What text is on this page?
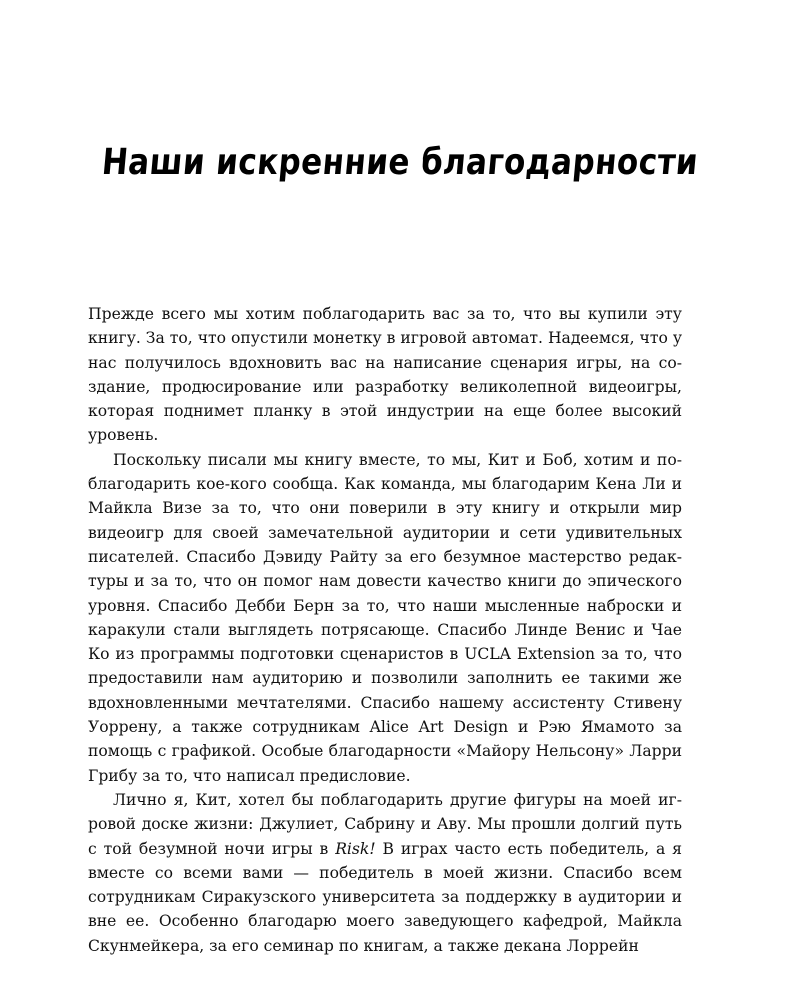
Наши искренние благодарности

Прежде всего мы хотим поблагодарить вас за то, что вы купили эту книгу. За то, что опустили монетку в игровой автомат. Надеемся, что у нас получилось вдохновить вас на написание сценария игры, на создание, продюсирование или разработку великолепной видеоигры, которая поднимет планку в этой индустрии на еще более высокий уровень.

Поскольку писали мы книгу вместе, то мы, Кит и Боб, хотим и поблагодарить кое-кого сообща. Как команда, мы благодарим Кена Ли и Майкла Визе за то, что они поверили в эту книгу и открыли мир видеоигр для своей замечательной аудитории и сети удивительных писателей. Спасибо Дэвиду Райту за его безумное мастерство редактуры и за то, что он помог нам довести качество книги до эпического уровня. Спасибо Дебби Берн за то, что наши мысленные наброски и каракули стали выглядеть потрясающе. Спасибо Линде Венис и Чае Ко из программы подготовки сценаристов в UCLA Extension за то, что предоставили нам аудиторию и позволили заполнить ее такими же вдохновленными мечтателями. Спасибо нашему ассистенту Стивену Уоррену, а также сотрудникам Alice Art Design и Рэю Ямамото за помощь с графикой. Особые благодарности «Майору Нельсону» Ларри Грибу за то, что написал предисловие.

Лично я, Кит, хотел бы поблагодарить другие фигуры на моей игровой доске жизни: Джулиет, Сабрину и Аву. Мы прошли долгий путь с той безумной ночи игры в Risk! В играх часто есть победитель, а я вместе со всеми вами — победитель в моей жизни. Спасибо всем сотрудникам Сиракузского университета за поддержку в аудитории и вне ее. Особенно благодарю моего заведующего кафедрой, Майкла Скунмейкера, за его семинар по книгам, а также декана Лоррейн
